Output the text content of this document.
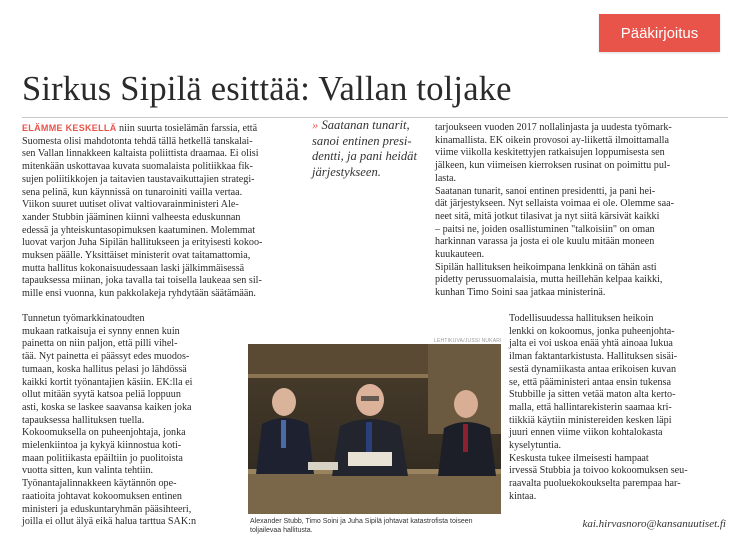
Pääkirjoitus
Sirkus Sipilä esittää: Vallan toljake

ELÄMME KESKELLÄ niin suurta tosielämän farssia, että
Suomesta olisi mahdotonta tehdä tällä hetkellä tanskalai-
sen Vallan linnakkeen kaltaista poliittista draamaa. Ei olisi
mitenkään uskottavaa kuvata suomalaista politiikkaa fik-
sujen poliitikkojen ja taitavien taustavaikuttajien strategi-
sena pelinä, kun käynnissä on tunaroiniti vailla vertaa.
Viikon suuret uutiset olivat valtiovarainministeri Ale-
xander Stubbin jääminen kiinni valheesta eduskunnan
edessä ja yhteiskuntasopimuksen kaatuminen. Molemmat
luovat varjon Juha Sipilän hallitukseen ja erityisesti kokoo-
muksen päälle. Yksittäiset ministerit ovat taitamattomia,
mutta hallitus kokonaisuudessaan laski jälkimmäisessä
tapauksessa miinan, joka tavalla tai toisella laukeaa sen sil-
mille ensi vuonna, kun pakkolakeja ryhdytään säätämään.

Tunnetun työmarkkinatoudten
mukaan ratkaisuja ei synny ennen kuin
painetta on niin paljon, että pilli vihel-
tää. Nyt painetta ei päässyt edes muodos-
tumaan, koska hallitus pelasi jo lähdössä
kaikki kortit työnantajien käsiin. EK:lla ei
ollut mitään syytä katsoa peliä loppuun
asti, koska se laskee saavansa kaiken joka
tapauksessa hallituksen tuella.
Kokoomuksella on puheenjohtaja, jonka
mielenkiintoa ja kykyä kiinnostua koti-
maan politiikasta epäiltiin jo puolitoista
vuotta sitten, kun valinta tehtiin.
Työnantajalinnakkeen käytännön ope-
raatioita johtavat kokoomuksen entinen
ministeri ja eduskuntaryhmän pääsihteeri,
joilla ei ollut älyä eikä halua tarttua SAK:n

» Saatanan tunarit,
sanoi entinen presi-
dentti, ja pani heidät
järjestykseen.

tarjoukseen vuoden 2017 nollalinjasta ja uudesta työmark-
kinamallista. EK oikein provosoi ay-liikettä ilmoittamalla
viime viikolla keskitettyjen ratkaisujen loppumisesta sen
jälkeen, kun viimeisen kierroksen rusinat on poimittu pul-
lasta.
Saatanan tunarit, sanoi entinen presidentti, ja pani hei-
dät järjestykseen. Nyt sellaista voimaa ei ole. Olemme saa-
neet sitä, mitä jotkut tilasivat ja nyt siitä kärsivät kaikki
– paitsi ne, joiden osallistuminen "talkoisiin" on oman
harkinnan varassa ja josta ei ole kuulu mitään moneen
kuukauteen.
Sipilän hallituksen heikoimpana lenkkinä on tähän asti
pidetty perussuomalaisia, mutta heillehän kelpaa kaikki,
kunhan Timo Soini saa jatkaa ministerinä.

Todellisuudessa hallituksen heikoin
lenkki on kokoomus, jonka puheenjohta-
jalta ei voi uskoa enää yhtä ainoaa lukua
ilman faktantarkistusta. Hallituksen sisäi-
sestä dynamiikasta antaa erikoisen kuvan
se, että pääministeri antaa ensin tukensa
Stubbille ja sitten vetää maton alta kerto-
malla, että hallintarekisterin saamaa kri-
tiikkiä käytiin ministereiden kesken läpi
juuri ennen viime viikon kohtalokasta
kyselytuntia.
Keskusta tukee ilmeisesti hampaat
irvessä Stubbia ja toivoo kokoomuksen seu-
raavalta puoluekokoukselta parempaa har-
kintaa.

LEHTIKUVA/JUSSI NUKARI
Alexander Stubb, Timo Soini ja Juha Sipilä johtavat katastrofista toiseen
toljailevaa hallitusta.
kai.hirvasnoro@kansanuutiset.fi
